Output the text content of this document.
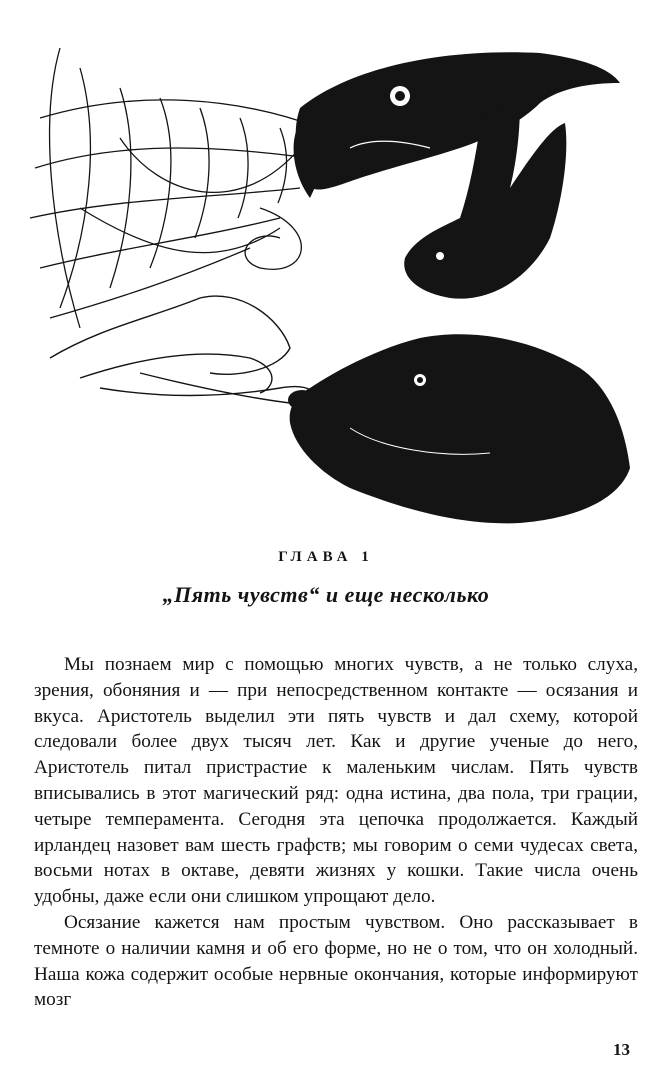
ГЛАВА 1
„Пять чувств“ и еще несколько

Мы познаем мир с помощью многих чувств, а не только слуха, зрения, обоняния и — при непосредственном контакте — осязания и вкуса. Аристотель выделил эти пять чувств и дал схему, которой следовали более двух тысяч лет. Как и другие ученые до него, Аристотель питал пристрастие к маленьким числам. Пять чувств вписывались в этот магический ряд: одна истина, два пола, три грации, четыре темперамента. Сегодня эта цепочка продолжается. Каждый ирландец назовет вам шесть графств; мы говорим о семи чудесах света, восьми нотах в октаве, девяти жизнях у кошки. Такие числа очень удобны, даже если они слишком упрощают дело.

Осязание кажется нам простым чувством. Оно рассказывает в темноте о наличии камня и об его форме, но не о том, что он холодный. Наша кожа содержит особые нервные окончания, которые информируют мозг

13
